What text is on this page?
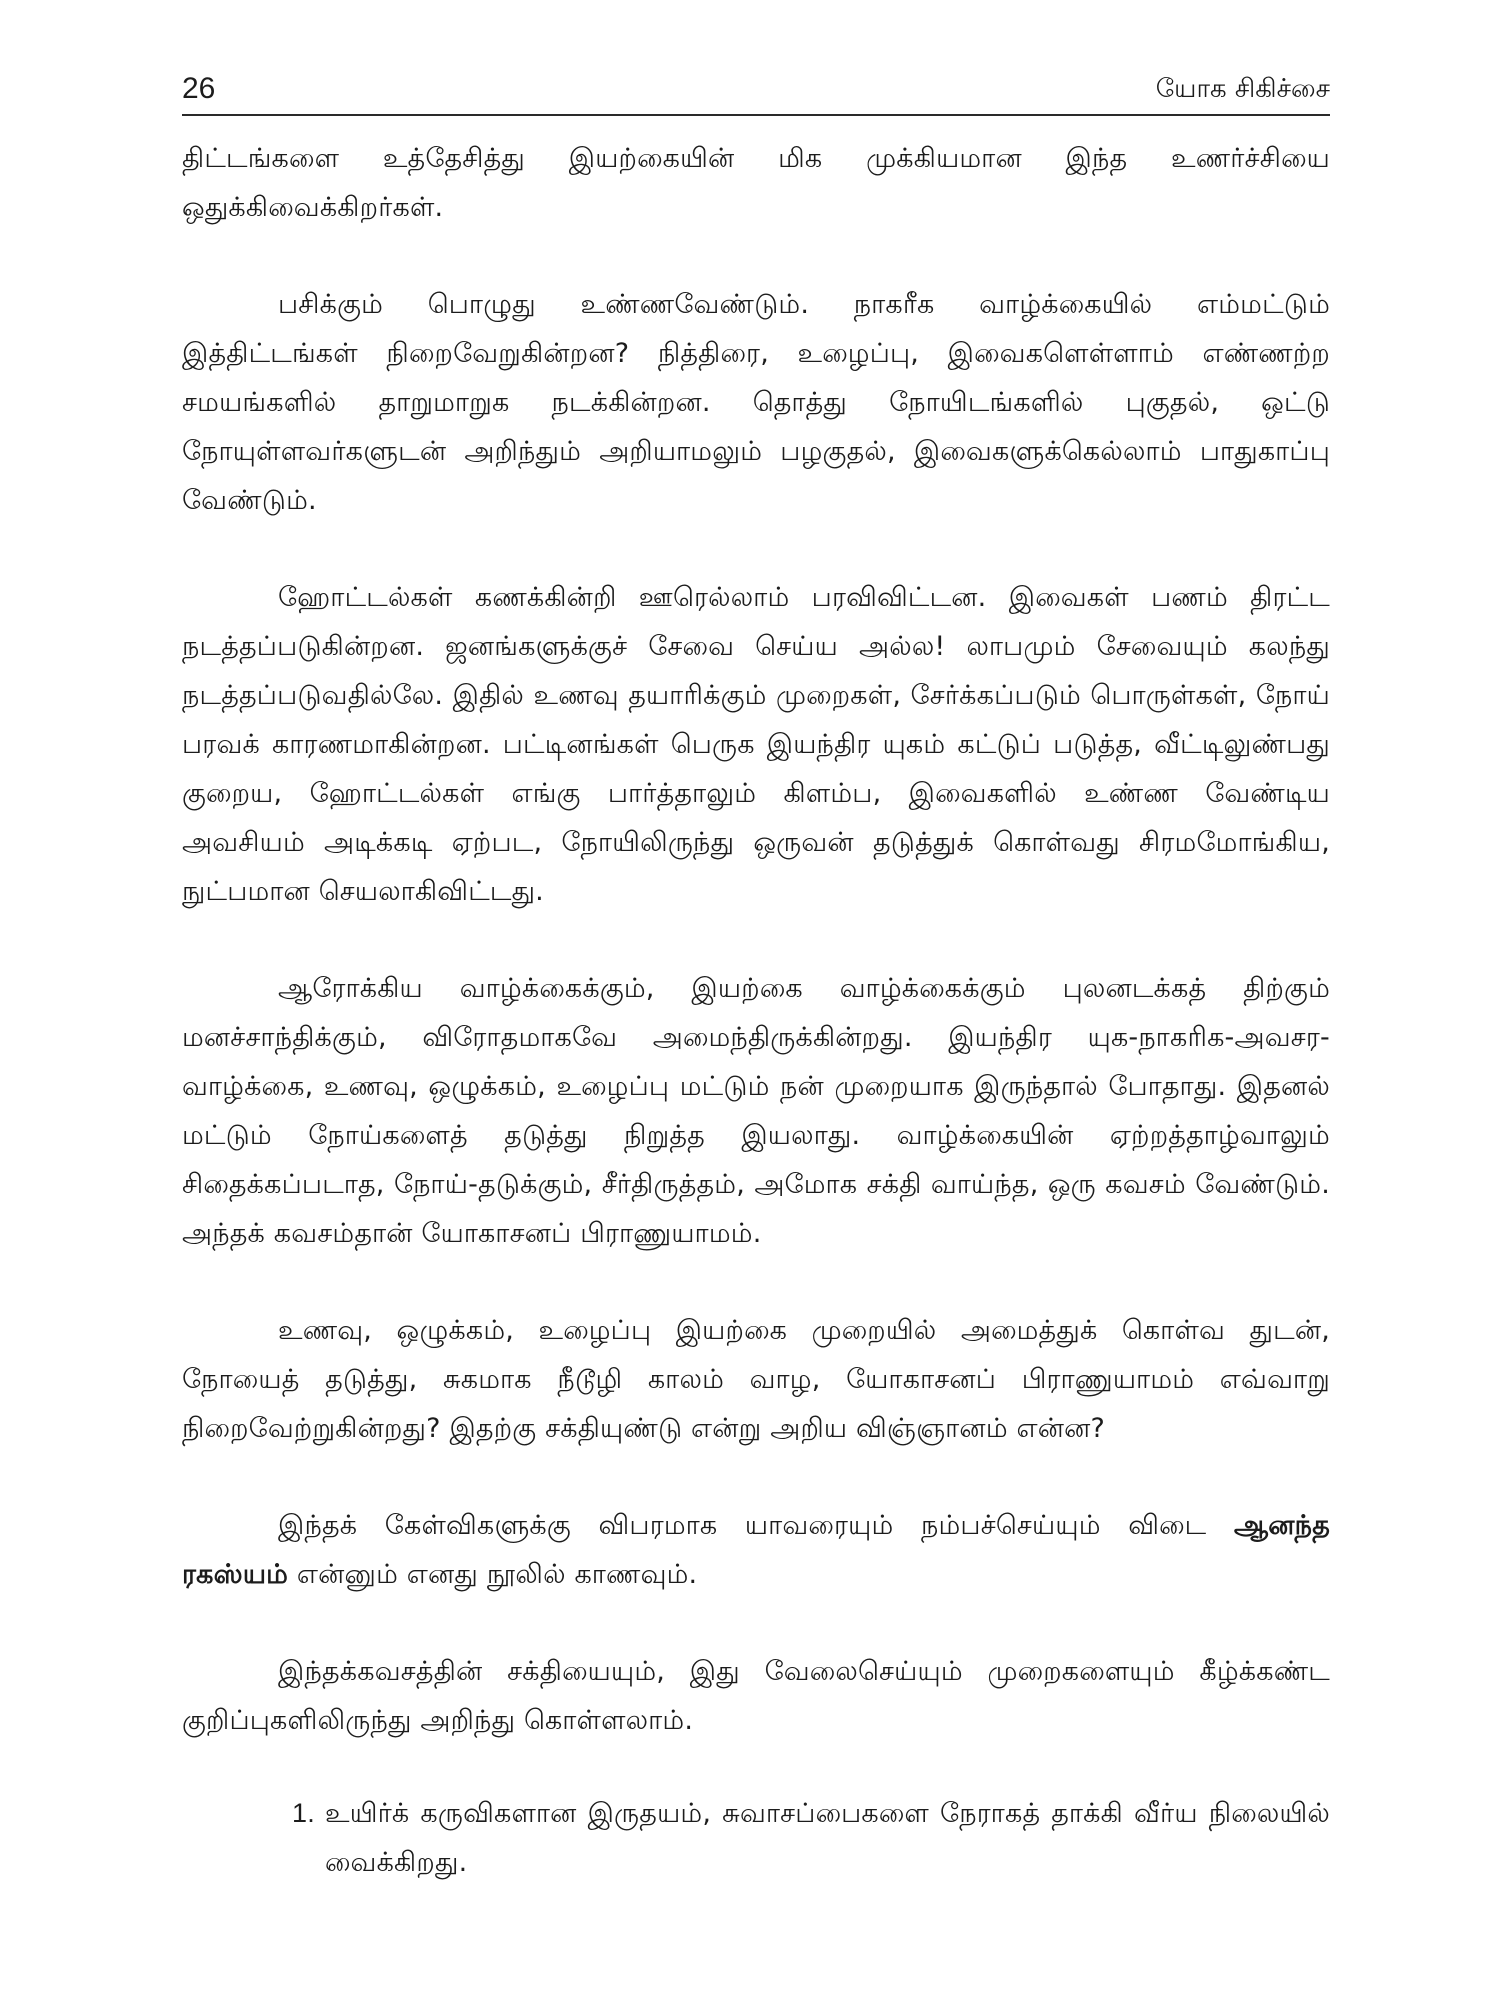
26	யோக சிகிச்சை

திட்டங்களை உத்தேசித்து இயற்கையின் மிக முக்கியமான இந்த உணர்ச்சியை ஒதுக்கிவைக்கிறர்கள்.

பசிக்கும் பொழுது உண்ணவேண்டும். நாகரீக வாழ்க்கையில் எம்மட்டும் இத்திட்டங்கள் நிறைவேறுகின்றன? நித்திரை, உழைப்பு, இவைகளெள்ளாம் எண்ணற்ற சமயங்களில் தாறுமாறுக நடக்கின்றன. தொத்து நோயிடங்களில் புகுதல், ஒட்டு நோயுள்ளவர்களுடன் அறிந்தும் அறியாமலும் பழகுதல், இவைகளுக்கெல்லாம் பாதுகாப்பு வேண்டும்.

ஹோட்டல்கள் கணக்கின்றி ஊரெல்லாம் பரவிவிட்டன. இவைகள் பணம் திரட்ட நடத்தப்படுகின்றன. ஜனங்களுக்குச் சேவை செய்ய அல்ல! லாபமும் சேவையும் கலந்து நடத்தப்படுவதில்லே. இதில் உணவு தயாரிக்கும் முறைகள், சேர்க்கப்படும் பொருள்கள், நோய் பரவக் காரணமாகின்றன. பட்டினங்கள் பெருக இயந்திர யுகம் கட்டுப் படுத்த, வீட்டிலுண்பது குறைய, ஹோட்டல்கள் எங்கு பார்த்தாலும் கிளம்ப, இவைகளில் உண்ண வேண்டிய அவசியம் அடிக்கடி ஏற்பட, நோயிலிருந்து ஒருவன் தடுத்துக் கொள்வது சிரமமோங்கிய, நுட்பமான செயலாகிவிட்டது.

ஆரோக்கிய வாழ்க்கைக்கும், இயற்கை வாழ்க்கைக்கும் புலனடக்கத் திற்கும் மனச்சாந்திக்கும், விரோதமாகவே அமைந்திருக்கின்றது. இயந்திர யுக-நாகரிக-அவசர-வாழ்க்கை, உணவு, ஒழுக்கம், உழைப்பு மட்டும் நன் முறையாக இருந்தால் போதாது. இதனல் மட்டும் நோய்களைத் தடுத்து நிறுத்த இயலாது. வாழ்க்கையின் ஏற்றத்தாழ்வாலும் சிதைக்கப்படாத, நோய்-தடுக்கும், சீர்திருத்தம், அமோக சக்தி வாய்ந்த, ஒரு கவசம் வேண்டும். அந்தக் கவசம்தான் யோகாசனப் பிராணுயாமம்.

உணவு, ஒழுக்கம், உழைப்பு இயற்கை முறையில் அமைத்துக் கொள்வ துடன், நோயைத் தடுத்து, சுகமாக நீடூழி காலம் வாழ, யோகாசனப் பிராணுயாமம் எவ்வாறு நிறைவேற்றுகின்றது? இதற்கு சக்தியுண்டு என்று அறிய விஞ்ஞானம் என்ன?

இந்தக் கேள்விகளுக்கு விபரமாக யாவரையும் நம்பச்செய்யும் விடை ஆனந்த ரகஸ்யம் என்னும் எனது நூலில் காணவும்.

இந்தக்கவசத்தின் சக்தியையும், இது வேலைசெய்யும் முறைகளையும் கீழ்க்கண்ட குறிப்புகளிலிருந்து அறிந்து கொள்ளலாம்.

1. உயிர்க் கருவிகளான இருதயம், சுவாசப்பைகளை நேராகத் தாக்கி வீர்ய நிலையில் வைக்கிறது.
